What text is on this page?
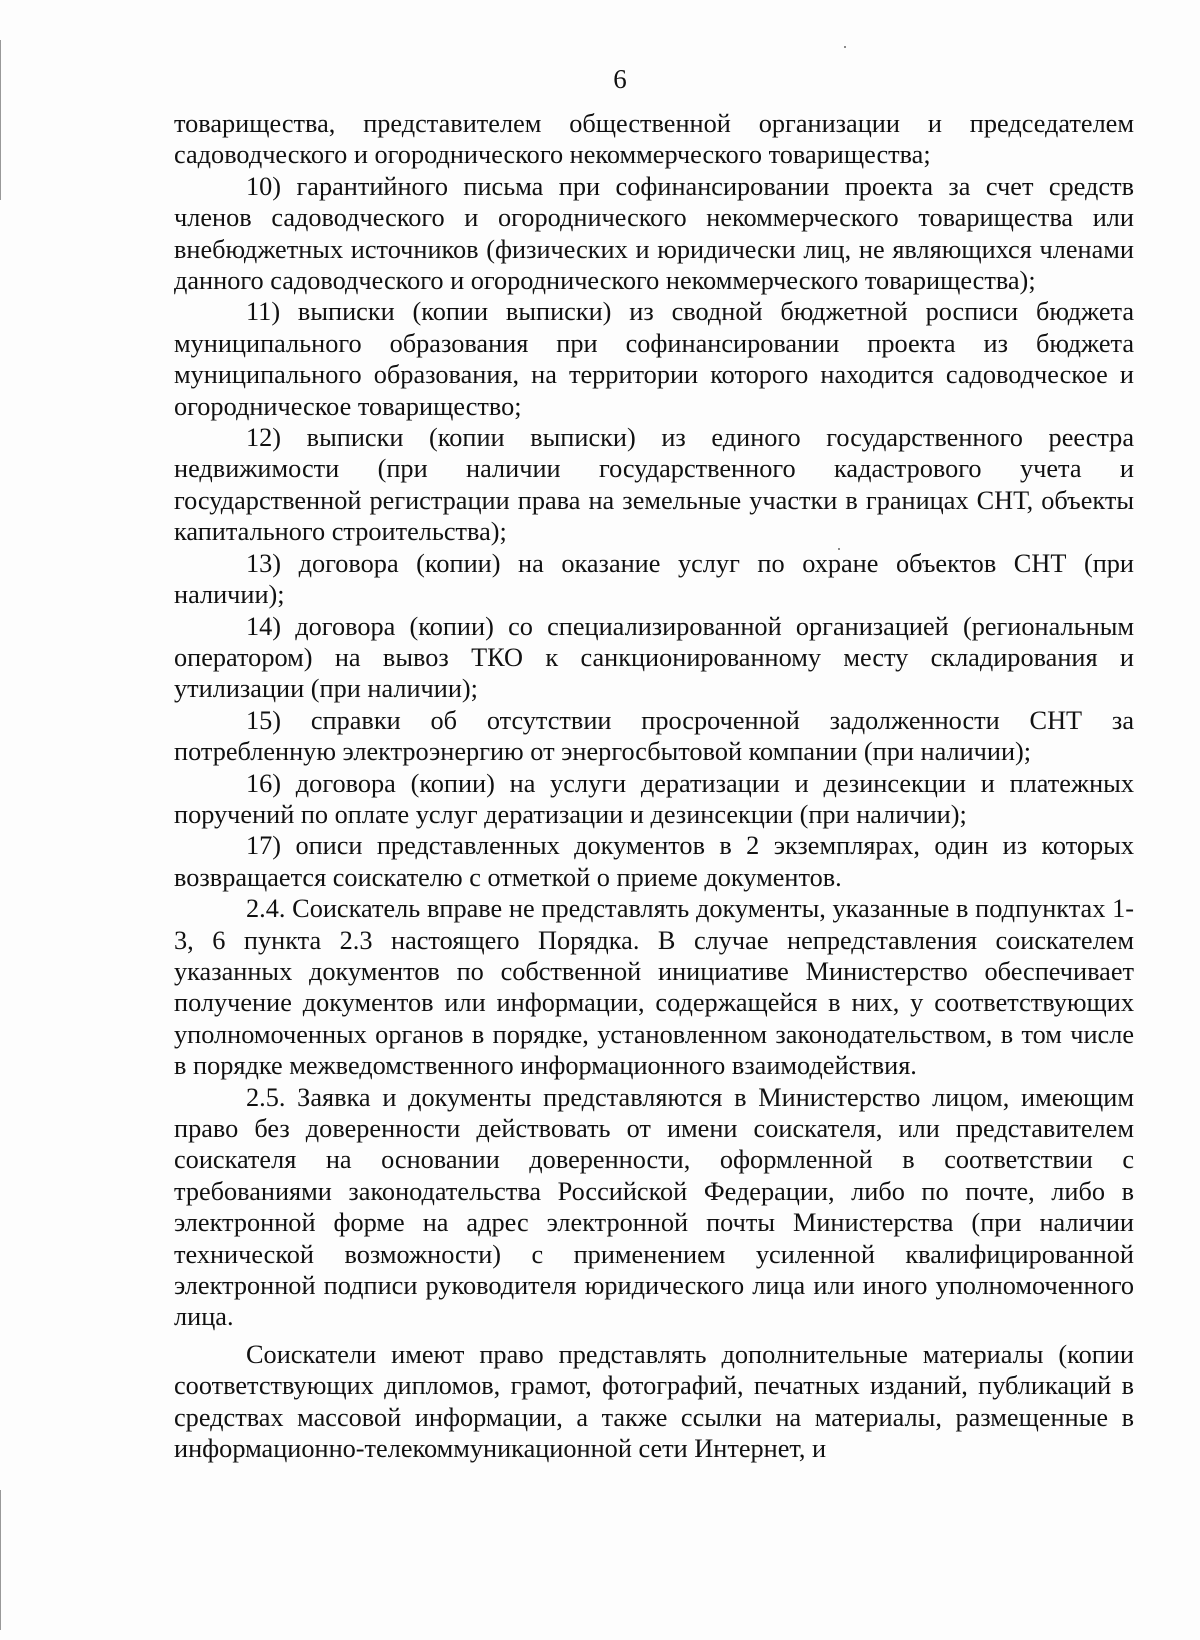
6

товарищества, представителем общественной организации и председателем садоводческого и огороднического некоммерческого товарищества;

10) гарантийного письма при софинансировании проекта за счет средств членов садоводческого и огороднического некоммерческого товарищества или внебюджетных источников (физических и юридически лиц, не являющихся членами данного садоводческого и огороднического некоммерческого товарищества);

11) выписки (копии выписки) из сводной бюджетной росписи бюджета муниципального образования при софинансировании проекта из бюджета муниципального образования, на территории которого находится садоводческое и огородническое товарищество;

12) выписки (копии выписки) из единого государственного реестра недвижимости (при наличии государственного кадастрового учета и государственной регистрации права на земельные участки в границах СНТ, объекты капитального строительства);

13) договора (копии) на оказание услуг по охране объектов СНТ (при наличии);

14) договора (копии) со специализированной организацией (региональным оператором) на вывоз ТКО к санкционированному месту складирования и утилизации (при наличии);

15) справки об отсутствии просроченной задолженности СНТ за потребленную электроэнергию от энергосбытовой компании (при наличии);

16) договора (копии) на услуги дератизации и дезинсекции и платежных поручений по оплате услуг дератизации и дезинсекции (при наличии);

17) описи представленных документов в 2 экземплярах, один из которых возвращается соискателю с отметкой о приеме документов.

2.4. Соискатель вправе не представлять документы, указанные в подпунктах 1-3, 6 пункта 2.3 настоящего Порядка. В случае непредставления соискателем указанных документов по собственной инициативе Министерство обеспечивает получение документов или информации, содержащейся в них, у соответствующих уполномоченных органов в порядке, установленном законодательством, в том числе в порядке межведомственного информационного взаимодействия.

2.5. Заявка и документы представляются в Министерство лицом, имеющим право без доверенности действовать от имени соискателя, или представителем соискателя на основании доверенности, оформленной в соответствии с требованиями законодательства Российской Федерации, либо по почте, либо в электронной форме на адрес электронной почты Министерства (при наличии технической возможности) с применением усиленной квалифицированной электронной подписи руководителя юридического лица или иного уполномоченного лица.

Соискатели имеют право представлять дополнительные материалы (копии соответствующих дипломов, грамот, фотографий, печатных изданий, публикаций в средствах массовой информации, а также ссылки на материалы, размещенные в информационно-телекоммуникационной сети Интернет, и
